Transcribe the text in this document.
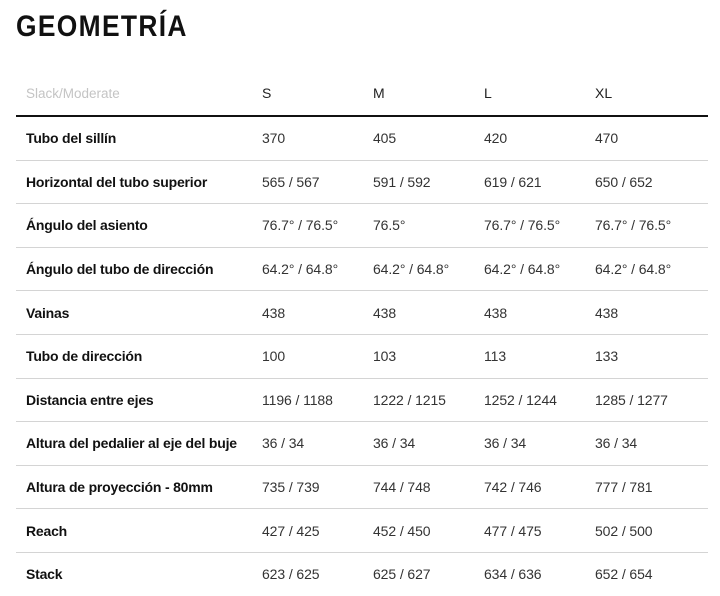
GEOMETRÍA
Slack/Moderate	S	M	L	XL
Tubo del sillín	370	405	420	470
Horizontal del tubo superior	565 / 567	591 / 592	619 / 621	650 / 652
Ángulo del asiento	76.7° / 76.5°	76.5°	76.7° / 76.5°	76.7° / 76.5°
Ángulo del tubo de dirección	64.2° / 64.8°	64.2° / 64.8°	64.2° / 64.8°	64.2° / 64.8°
Vainas	438	438	438	438
Tubo de dirección	100	103	113	133
Distancia entre ejes	1196 / 1188	1222 / 1215	1252 / 1244	1285 / 1277
Altura del pedalier al eje del buje	36 / 34	36 / 34	36 / 34	36 / 34
Altura de proyección - 80mm	735 / 739	744 / 748	742 / 746	777 / 781
Reach	427 / 425	452 / 450	477 / 475	502 / 500
Stack	623 / 625	625 / 627	634 / 636	652 / 654
